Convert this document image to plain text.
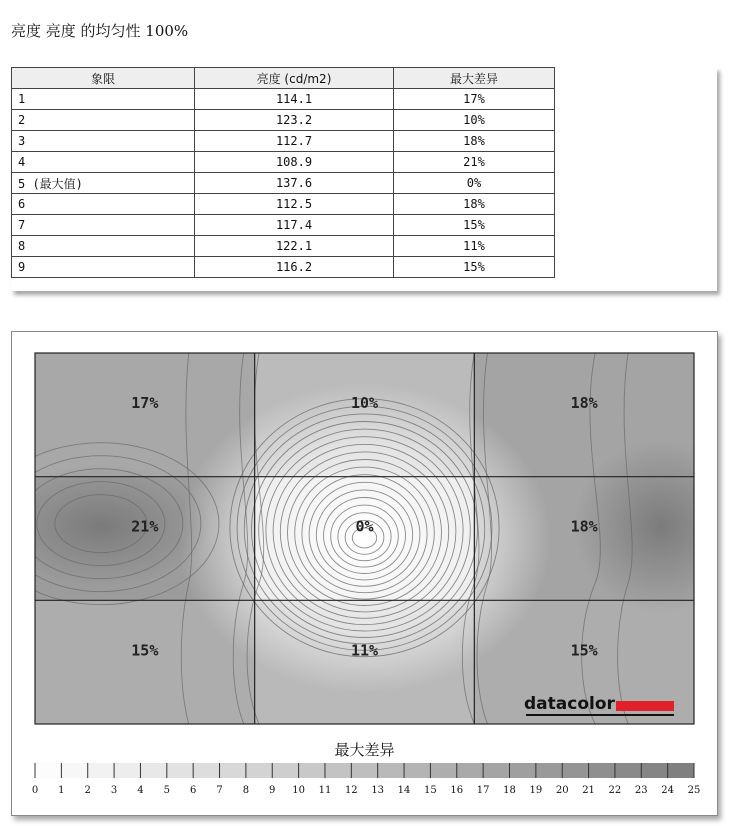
亮度 亮度 的均匀性 100%
象限	亮度 (cd/m2)	最大差异
1	114.1	17%
2	123.2	10%
3	112.7	18%
4	108.9	21%
5 (最大值)	137.6	0%
6	112.5	18%
7	117.4	15%
8	122.1	11%
9	116.2	15%
17%	10%	18%
21%	0%	18%
15%	11%	15%
0 1 2 3 4 5 6 7 8 9 10 11 12 13 14 15 16 17 18 19 20 21 22 23 24 25
datacolor
最大差异
